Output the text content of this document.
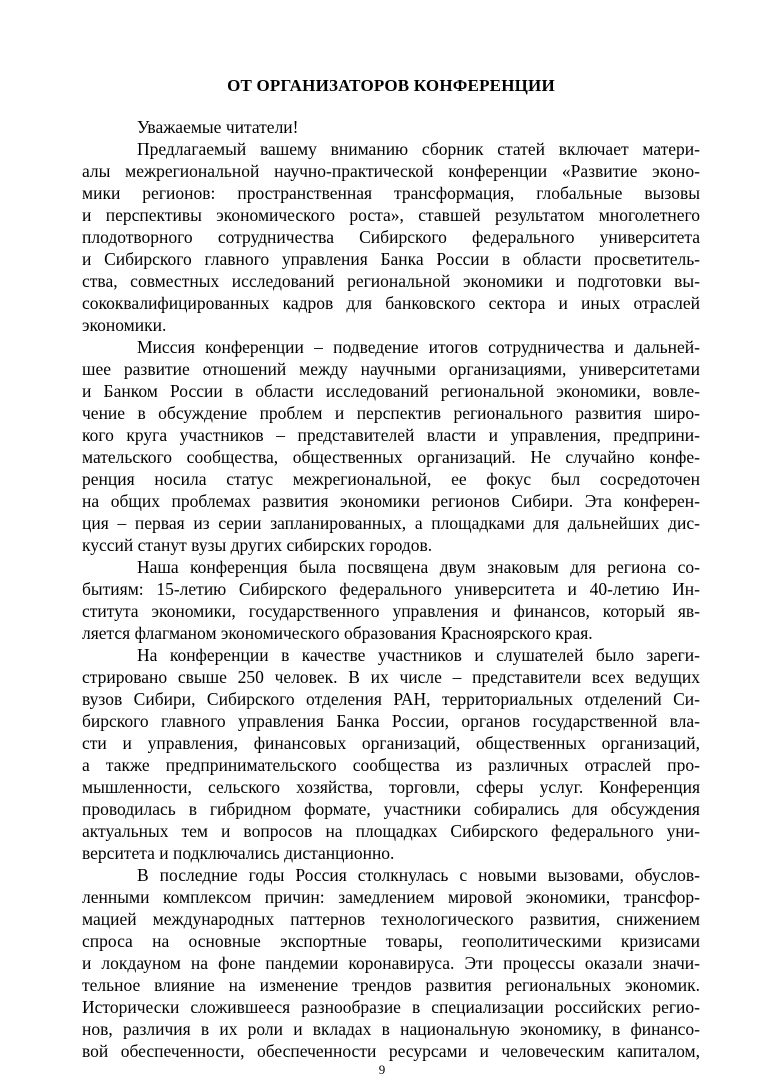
ОТ ОРГАНИЗАТОРОВ КОНФЕРЕНЦИИ
Уважаемые читатели!
Предлагаемый вашему вниманию сборник статей включает матери-
алы межрегиональной научно-практической конференции «Развитие эконо-
мики регионов: пространственная трансформация, глобальные вызовы
и перспективы экономического роста», ставшей результатом многолетнего
плодотворного сотрудничества Сибирского федерального университета
и Сибирского главного управления Банка России в области просветитель-
ства, совместных исследований региональной экономики и подготовки вы-
сококвалифицированных кадров для банковского сектора и иных отраслей
экономики.
Миссия конференции – подведение итогов сотрудничества и дальней-
шее развитие отношений между научными организациями, университетами
и Банком России в области исследований региональной экономики, вовле-
чение в обсуждение проблем и перспектив регионального развития широ-
кого круга участников – представителей власти и управления, предприни-
мательского сообщества, общественных организаций. Не случайно конфе-
ренция носила статус межрегиональной, ее фокус был сосредоточен
на общих проблемах развития экономики регионов Сибири. Эта конферен-
ция – первая из серии запланированных, а площадками для дальнейших дис-
куссий станут вузы других сибирских городов.
Наша конференция была посвящена двум знаковым для региона со-
бытиям: 15-летию Сибирского федерального университета и 40-летию Ин-
ститута экономики, государственного управления и финансов, который яв-
ляется флагманом экономического образования Красноярского края.
На конференции в качестве участников и слушателей было зареги-
стрировано свыше 250 человек. В их числе – представители всех ведущих
вузов Сибири, Сибирского отделения РАН, территориальных отделений Си-
бирского главного управления Банка России, органов государственной вла-
сти и управления, финансовых организаций, общественных организаций,
а также предпринимательского сообщества из различных отраслей про-
мышленности, сельского хозяйства, торговли, сферы услуг. Конференция
проводилась в гибридном формате, участники собирались для обсуждения
актуальных тем и вопросов на площадках Сибирского федерального уни-
верситета и подключались дистанционно.
В последние годы Россия столкнулась с новыми вызовами, обуслов-
ленными комплексом причин: замедлением мировой экономики, трансфор-
мацией международных паттернов технологического развития, снижением
спроса на основные экспортные товары, геополитическими кризисами
и локдауном на фоне пандемии коронавируса. Эти процессы оказали значи-
тельное влияние на изменение трендов развития региональных экономик.
Исторически сложившееся разнообразие в специализации российских регио-
нов, различия в их роли и вкладах в национальную экономику, в финансо-
вой обеспеченности, обеспеченности ресурсами и человеческим капиталом,
9
